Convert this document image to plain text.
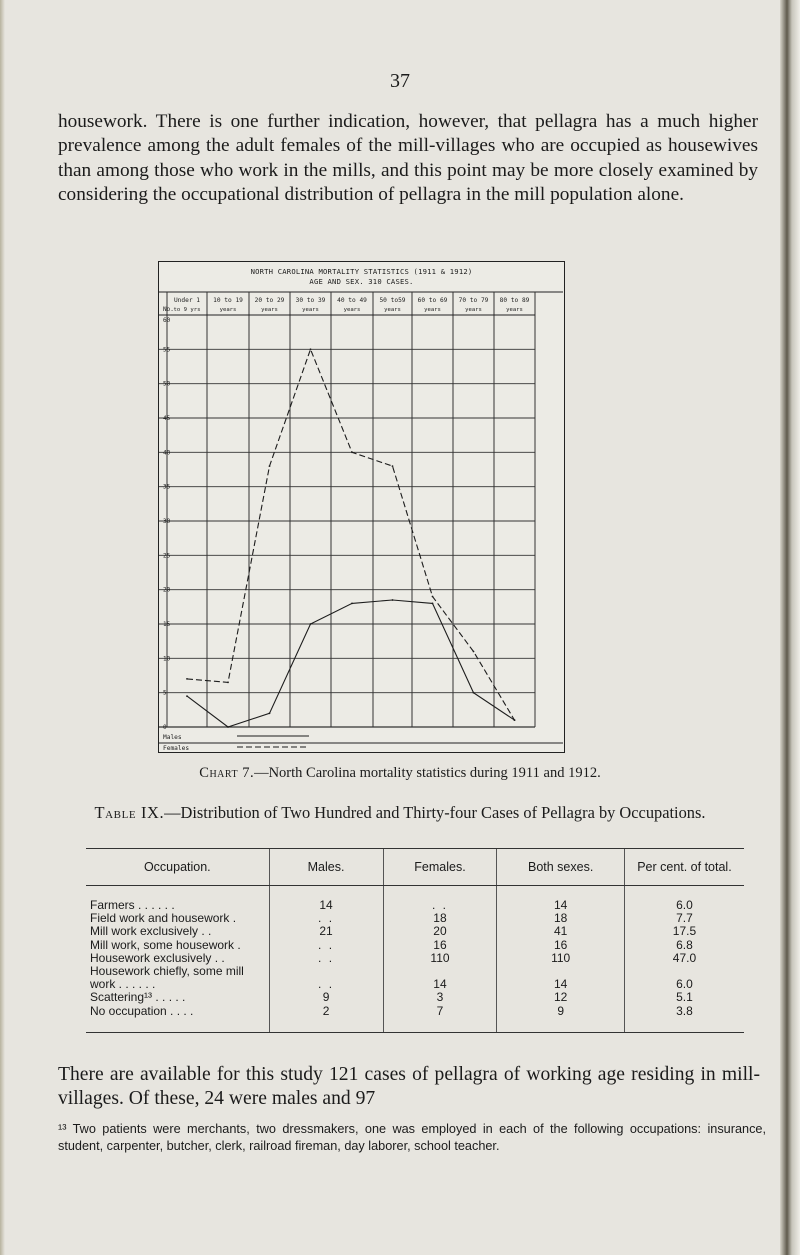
37

housework. There is one further indication, however, that pellagra has a much higher prevalence among the adult females of the mill-villages who are occupied as housewives than among those who work in the mills, and this point may be more closely examined by considering the occupational distribution of pellagra in the mill population alone.

NORTH CAROLINA MORTALITY STATISTICS (1911 & 1912)
AGE AND SEX. 310 CASES.
No.
Under 1
to 9 yrs
10 to 19
years
20 to 29
years
30 to 39
years
40 to 49
years
50 to59
years
60 to 69
years
70 to 79
years
80 to 89
years
0
5
10
15
20
25
30
35
40
45
50
55
60
Males
Females
Chart 7.—North Carolina mortality statistics during 1911 and 1912.

Table IX.—Distribution of Two Hundred and Thirty-four Cases of Pellagra by Occupations.

Occupation.	Males.	Females.	Both sexes.	Per cent. of total.
Farmers . . . . . .	14	. .	14	6.0
Field work and housework .	. .	18	18	7.7
Mill work exclusively . .	21	20	41	17.5
Mill work, some housework .	. .	16	16	6.8
Housework exclusively . .	. .	110	110	47.0
Housework chiefly, some mill				
work . . . . . .	. .	14	14	6.0
Scattering¹³ . . . . .	9	3	12	5.1
No occupation . . . .	2	7	9	3.8

There are available for this study 121 cases of pellagra of working age residing in mill-villages. Of these, 24 were males and 97

¹³ Two patients were merchants, two dressmakers, one was employed in each of the following occupations: insurance, student, carpenter, butcher, clerk, railroad fireman, day laborer, school teacher.
